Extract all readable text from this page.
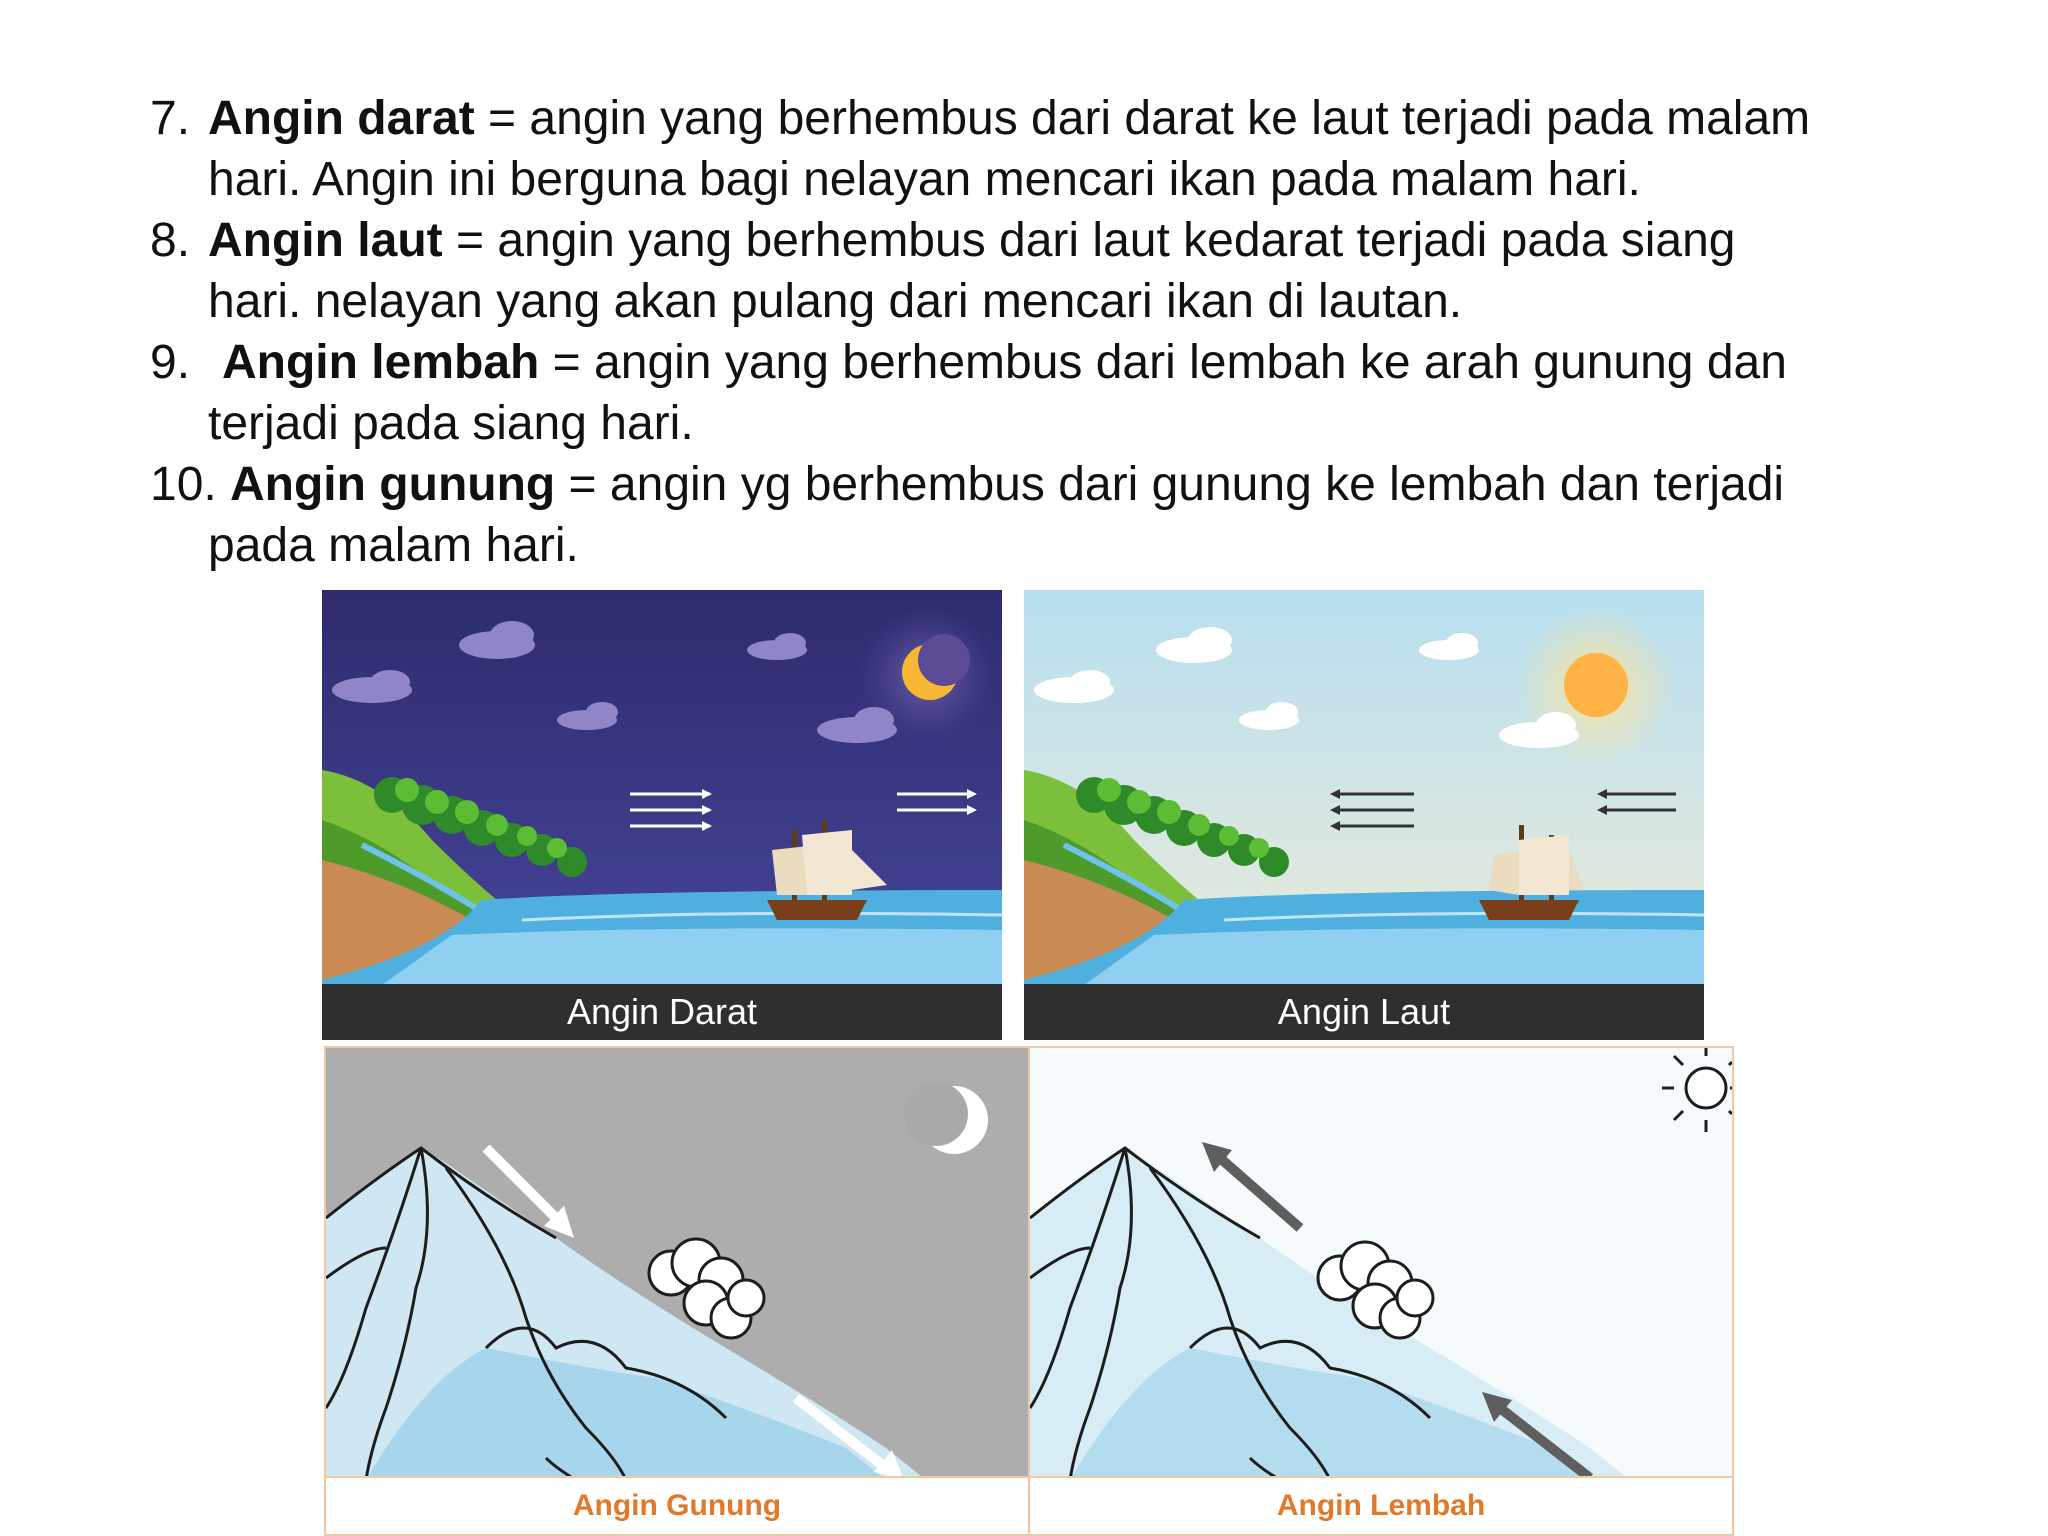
7. Angin darat = angin yang berhembus dari darat ke laut terjadi pada malam
hari. Angin ini berguna bagi nelayan mencari ikan pada malam hari.
8. Angin laut = angin yang berhembus dari laut kedarat terjadi pada siang
hari. nelayan yang akan pulang dari mencari ikan di lautan.
9. Angin lembah = angin yang berhembus dari lembah ke arah gunung dan
terjadi pada siang hari.
10. Angin gunung = angin yg berhembus dari gunung ke lembah dan terjadi
pada malam hari.
Angin Darat	Angin Laut
Angin Gunung	Angin Lembah
